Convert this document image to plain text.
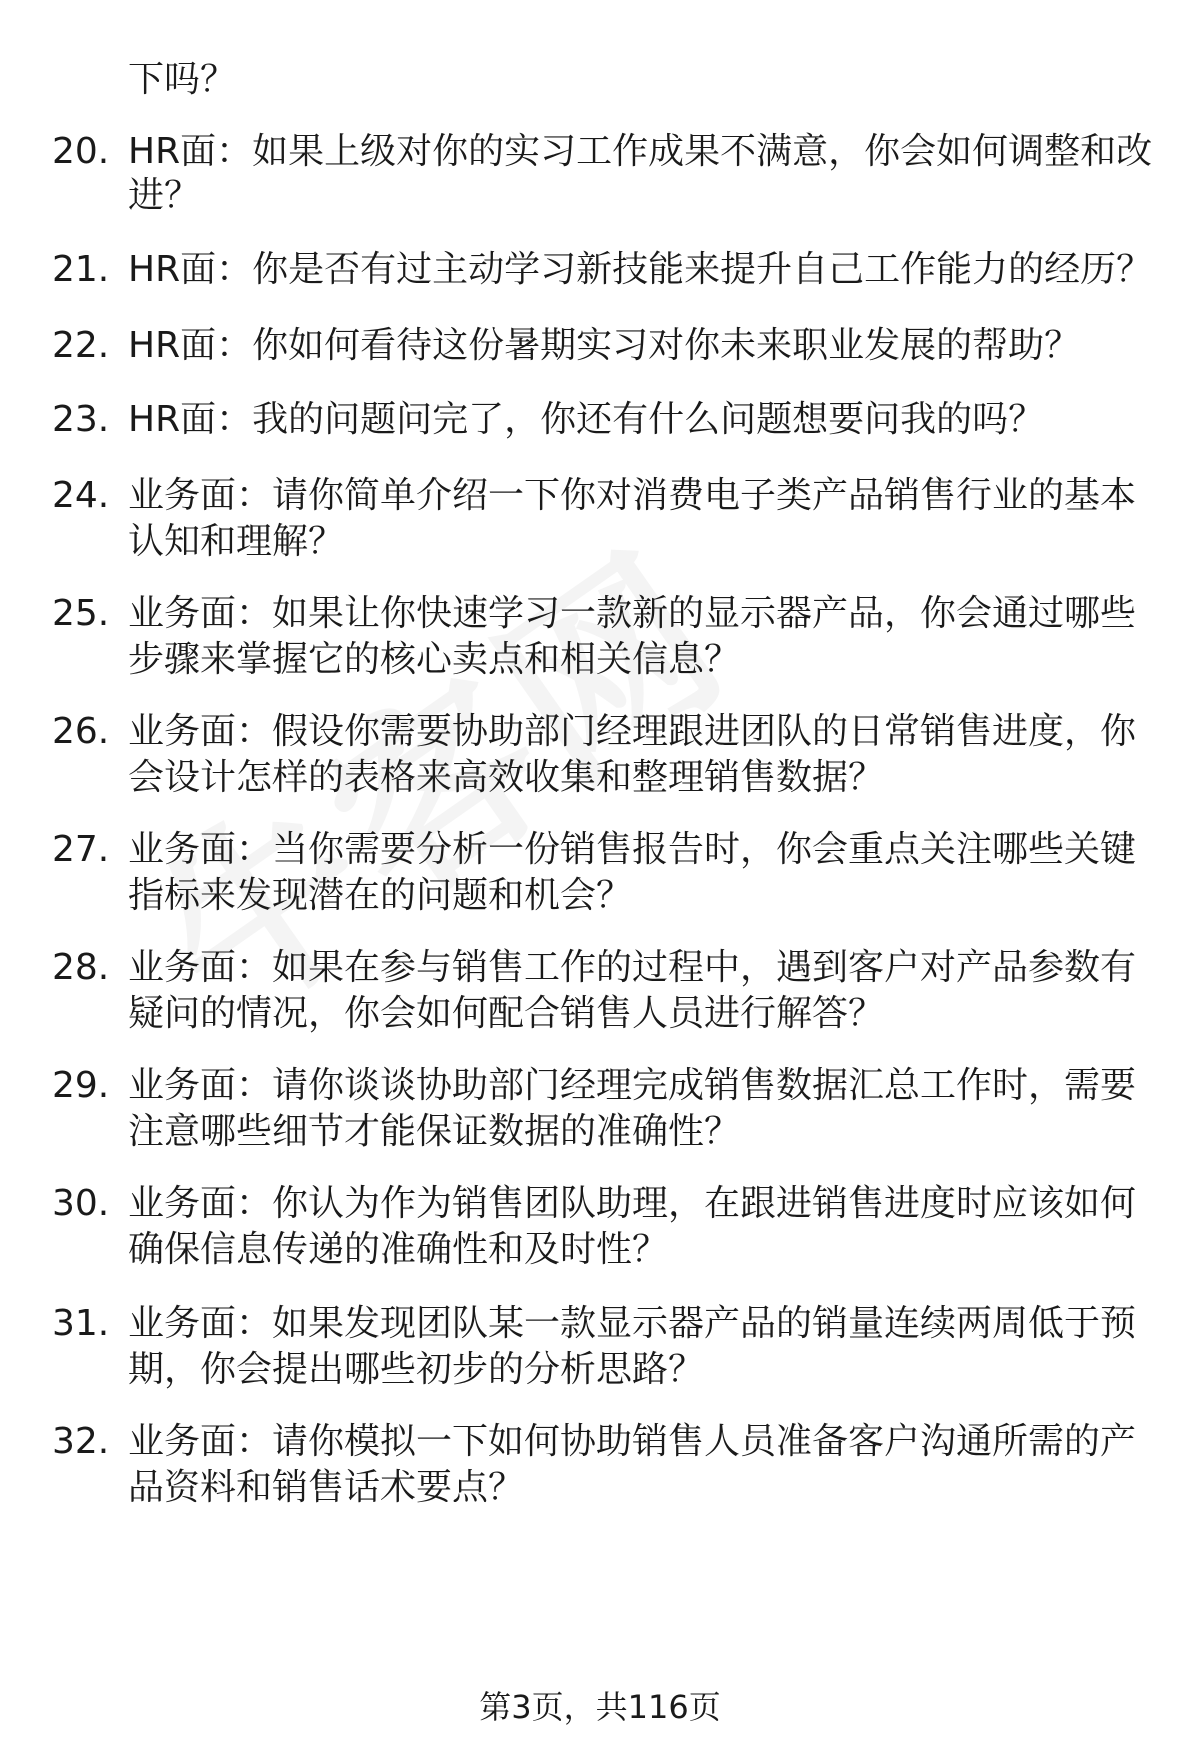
下吗？
20. HR面：如果上级对你的实习工作成果不满意，你会如何调整和改
进？
21. HR面：你是否有过主动学习新技能来提升自己工作能力的经历？
22. HR面：你如何看待这份暑期实习对你未来职业发展的帮助？
23. HR面：我的问题问完了，你还有什么问题想要问我的吗？
24. 业务面：请你简单介绍一下你对消费电子类产品销售行业的基本
认知和理解？
25. 业务面：如果让你快速学习一款新的显示器产品，你会通过哪些
步骤来掌握它的核心卖点和相关信息？
26. 业务面：假设你需要协助部门经理跟进团队的日常销售进度，你
会设计怎样的表格来高效收集和整理销售数据？
27. 业务面：当你需要分析一份销售报告时，你会重点关注哪些关键
指标来发现潜在的问题和机会？
28. 业务面：如果在参与销售工作的过程中，遇到客户对产品参数有
疑问的情况，你会如何配合销售人员进行解答？
29. 业务面：请你谈谈协助部门经理完成销售数据汇总工作时，需要
注意哪些细节才能保证数据的准确性？
30. 业务面：你认为作为销售团队助理，在跟进销售进度时应该如何
确保信息传递的准确性和及时性？
31. 业务面：如果发现团队某一款显示器产品的销量连续两周低于预
期，你会提出哪些初步的分析思路？
32. 业务面：请你模拟一下如何协助销售人员准备客户沟通所需的产
品资料和销售话术要点？
第3页，共116页
